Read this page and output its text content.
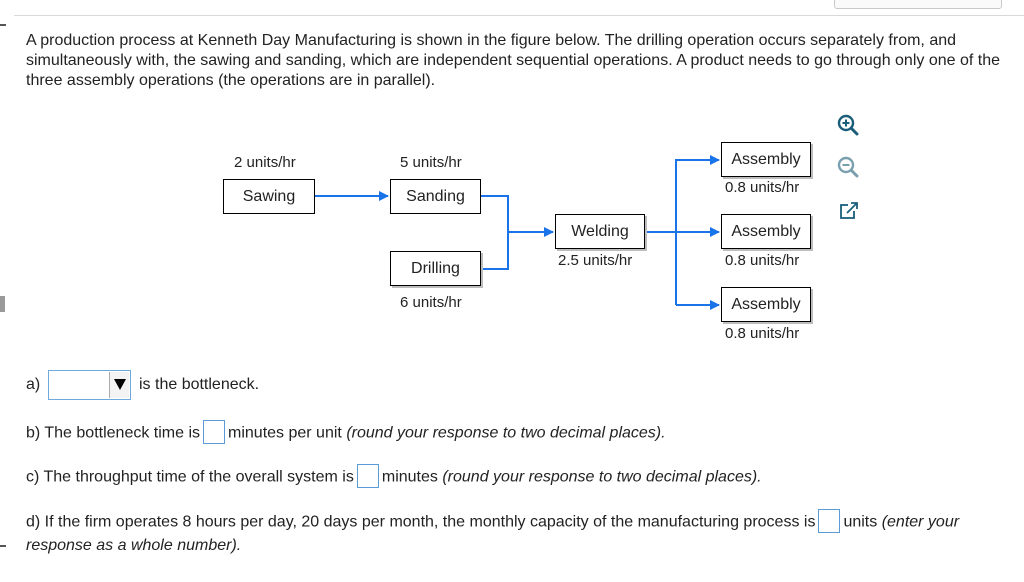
A production process at Kenneth Day Manufacturing is shown in the figure below. The drilling operation occurs separately from, and simultaneously with, the sawing and sanding, which are independent sequential operations. A product needs to go through only one of the three assembly operations (the operations are in parallel).

2 units/hr
Sawing
5 units/hr
Sanding
Drilling
6 units/hr
Welding
2.5 units/hr
Assembly
0.8 units/hr
Assembly
0.8 units/hr
Assembly
0.8 units/hr
a)	is the bottleneck.
b) The bottleneck time is minutes per unit (round your response to two decimal places).
c) The throughput time of the overall system is minutes (round your response to two decimal places).
d) If the firm operates 8 hours per day, 20 days per month, the monthly capacity of the manufacturing process is units (enter your
response as a whole number).
